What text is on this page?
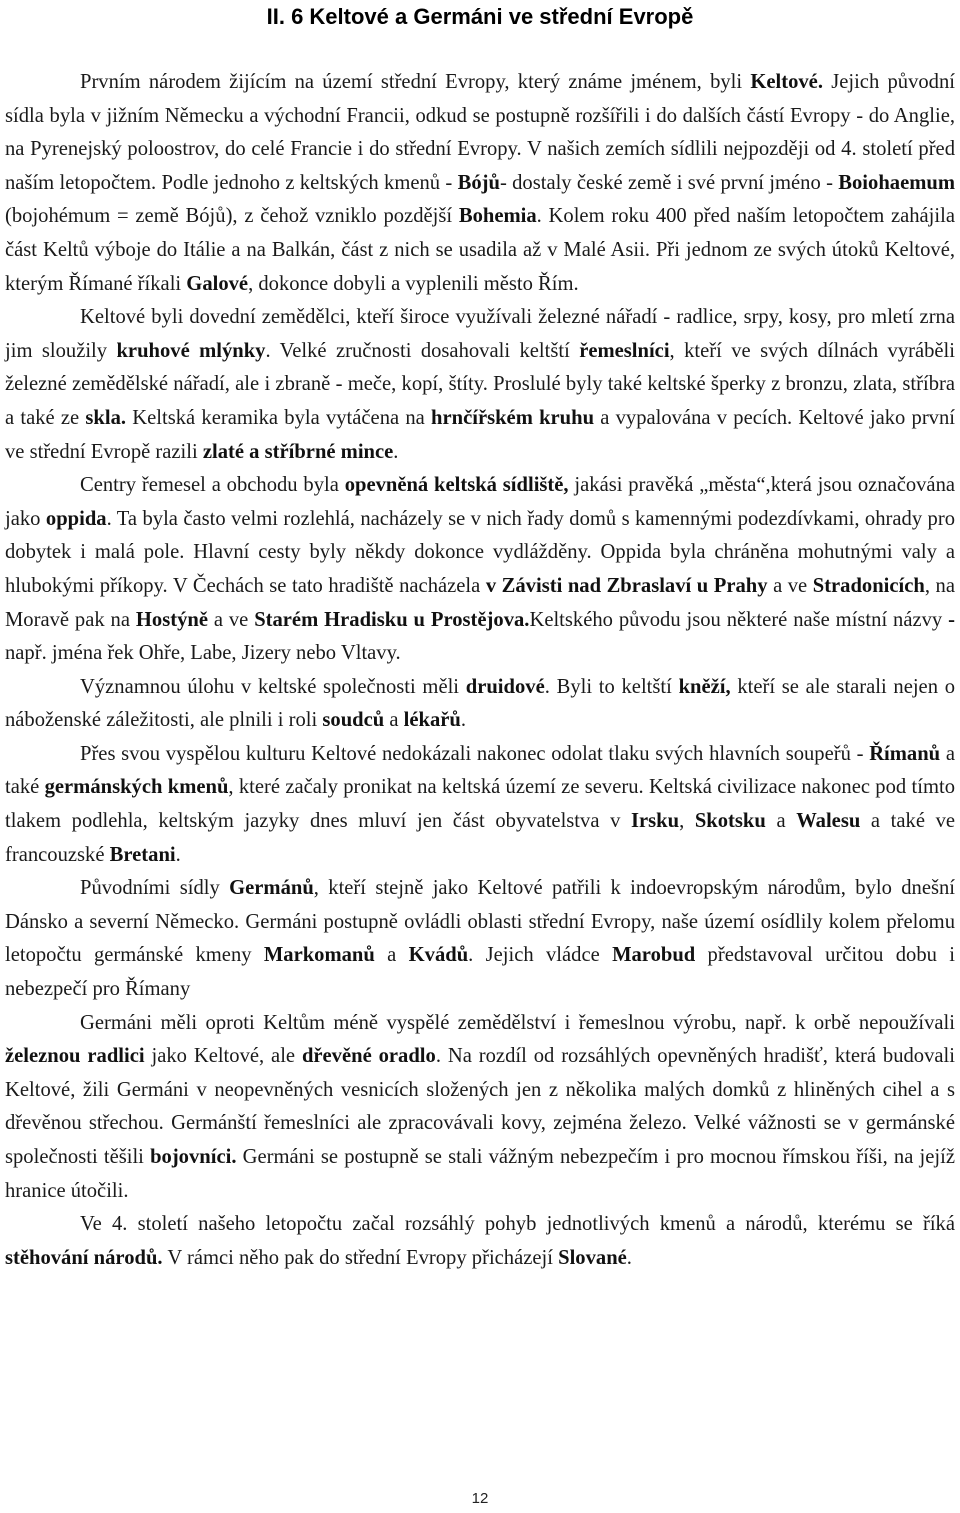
II. 6 Keltové a Germáni ve střední Evropě

Prvním národem žijícím na území střední Evropy, který známe jménem, byli Keltové. Jejich původní sídla byla v jižním Německu a východní Francii, odkud se postupně rozšířili i do dalších částí Evropy - do Anglie, na Pyrenejský poloostrov, do celé Francie i do střední Evropy. V našich zemích sídlili nejpozději od 4. století před naším letopočtem. Podle jednoho z keltských kmenů - Bójů- dostaly české země i své první jméno - Boiohaemum (bojohémum = země Bójů), z čehož vzniklo pozdější Bohemia. Kolem roku 400 před naším letopočtem zahájila část Keltů výboje do Itálie a na Balkán, část z nich se usadila až v Malé Asii. Při jednom ze svých útoků Keltové, kterým Římané říkali Galové, dokonce dobyli a vyplenili město Řím.

Keltové byli dovední zemědělci, kteří široce využívali železné nářadí - radlice, srpy, kosy, pro mletí zrna jim sloužily kruhové mlýnky. Velké zručnosti dosahovali keltští řemeslníci, kteří ve svých dílnách vyráběli železné zemědělské nářadí, ale i zbraně - meče, kopí, štíty. Proslulé byly také keltské šperky z bronzu, zlata, stříbra a také ze skla. Keltská keramika byla vytáčena na hrnčířském kruhu a vypalována v pecích. Keltové jako první ve střední Evropě razili zlaté a stříbrné mince.

Centry řemesel a obchodu byla opevněná keltská sídliště, jakási pravěká „města“,která jsou označována jako oppida. Ta byla často velmi rozlehlá, nacházely se v nich řady domů s kamennými podezdívkami, ohrady pro dobytek i malá pole. Hlavní cesty byly někdy dokonce vydlážděny. Oppida byla chráněna mohutnými valy a hlubokými příkopy. V Čechách se tato hradiště nacházela v Závisti nad Zbraslaví u Prahy a ve Stradonicích, na Moravě pak na Hostýně a ve Starém Hradisku u Prostějova.Keltského původu jsou některé naše místní názvy - např. jména řek Ohře, Labe, Jizery nebo Vltavy.

Významnou úlohu v keltské společnosti měli druidové. Byli to keltští kněží, kteří se ale starali nejen o náboženské záležitosti, ale plnili i roli soudců a lékařů.

Přes svou vyspělou kulturu Keltové nedokázali nakonec odolat tlaku svých hlavních soupeřů - Římanů a také germánských kmenů, které začaly pronikat na keltská území ze severu. Keltská civilizace nakonec pod tímto tlakem podlehla, keltským jazyky dnes mluví jen část obyvatelstva v Irsku, Skotsku a Walesu a také ve francouzské Bretani.

Původními sídly Germánů, kteří stejně jako Keltové patřili k indoevropským národům, bylo dnešní Dánsko a severní Německo. Germáni postupně ovládli oblasti střední Evropy, naše území osídlily kolem přelomu letopočtu germánské kmeny Markomanů a Kvádů. Jejich vládce Marobud představoval určitou dobu i nebezpečí pro Římany

Germáni měli oproti Keltům méně vyspělé zemědělství i řemeslnou výrobu, např. k orbě nepoužívali železnou radlici jako Keltové, ale dřevěné oradlo. Na rozdíl od rozsáhlých opevněných hradišť, která budovali Keltové, žili Germáni v neopevněných vesnicích složených jen z několika malých domků z hliněných cihel a s dřevěnou střechou. Germánští řemeslníci ale zpracovávali kovy, zejména železo. Velké vážnosti se v germánské společnosti těšili bojovníci. Germáni se postupně se stali vážným nebezpečím i pro mocnou římskou říši, na jejíž hranice útočili.

Ve 4. století našeho letopočtu začal rozsáhlý pohyb jednotlivých kmenů a národů, kterému se říká stěhování národů. V rámci něho pak do střední Evropy přicházejí Slované.

12
